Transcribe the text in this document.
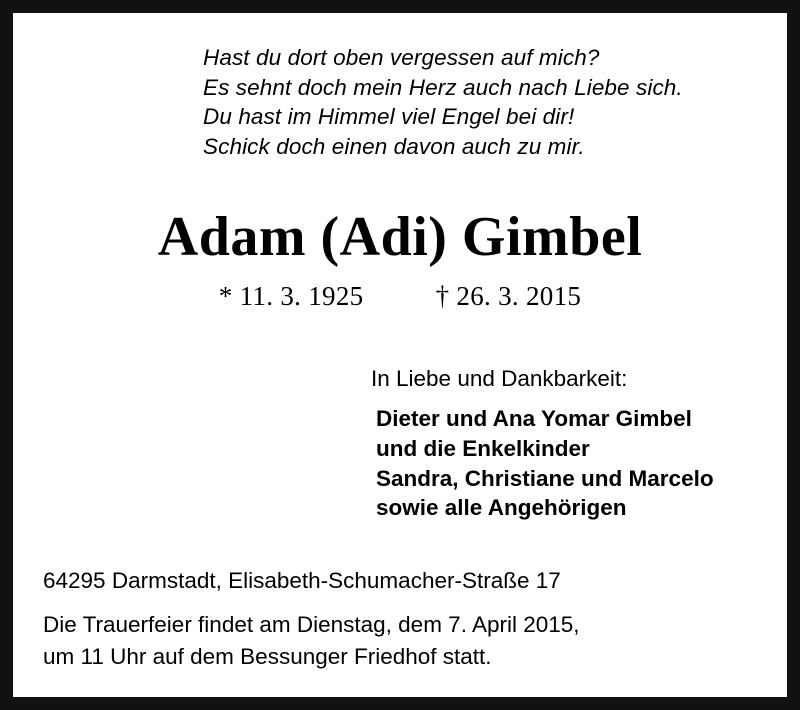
Hast du dort oben vergessen auf mich?
Es sehnt doch mein Herz auch nach Liebe sich.
Du hast im Himmel viel Engel bei dir!
Schick doch einen davon auch zu mir.
Adam (Adi) Gimbel
* 11. 3. 1925	† 26. 3. 2015
In Liebe und Dankbarkeit:
Dieter und Ana Yomar Gimbel
und die Enkelkinder
Sandra, Christiane und Marcelo
sowie alle Angehörigen
64295 Darmstadt, Elisabeth-Schumacher-Straße 17
Die Trauerfeier findet am Dienstag, dem 7. April 2015,
um 11 Uhr auf dem Bessunger Friedhof statt.
